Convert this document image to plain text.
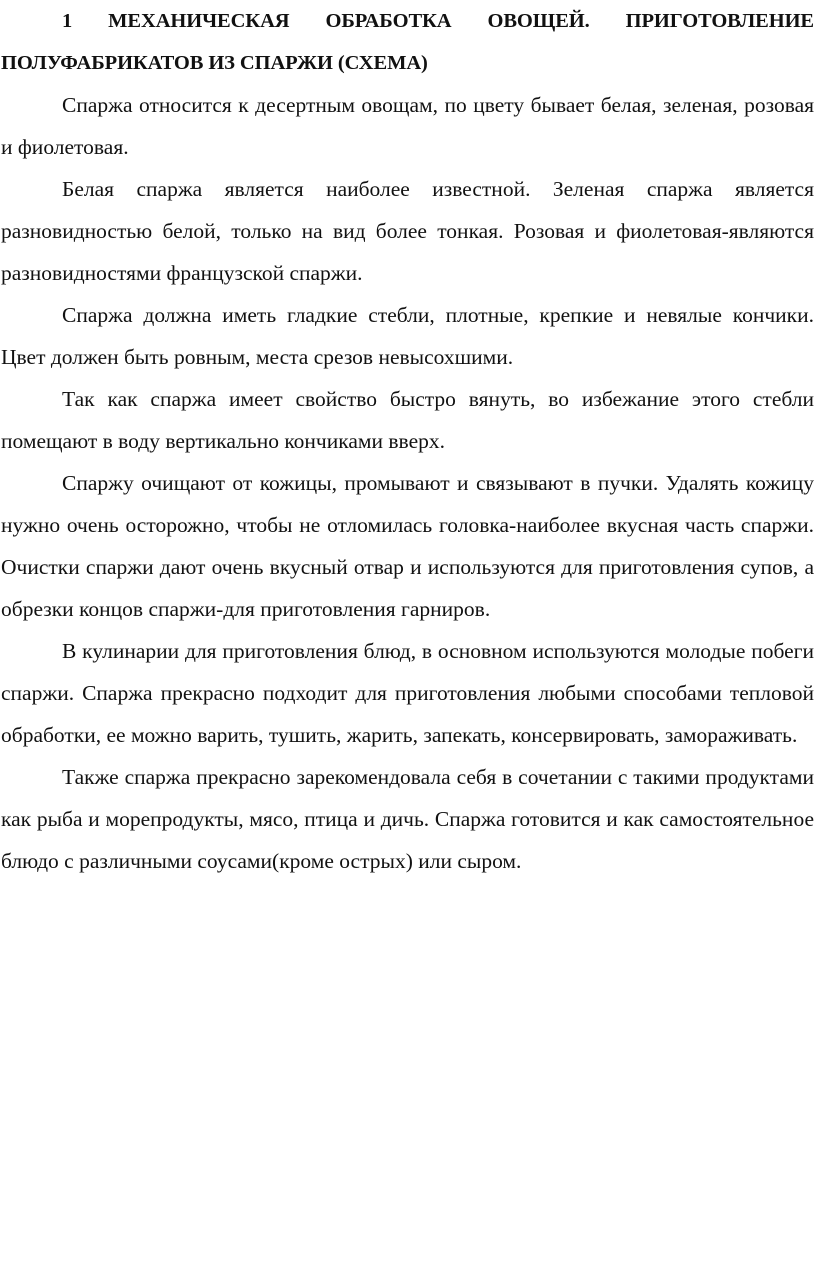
1 МЕХАНИЧЕСКАЯ ОБРАБОТКА ОВОЩЕЙ. ПРИГОТОВЛЕНИЕ ПОЛУФАБРИКАТОВ ИЗ СПАРЖИ (СХЕМА)

Спаржа относится к десертным овощам, по цвету бывает белая, зеленая, розовая и фиолетовая.

Белая спаржа является наиболее известной. Зеленая спаржа является разновидностью белой, только на вид более тонкая. Розовая и фиолетовая-являются разновидностями французской спаржи.

Спаржа должна иметь гладкие стебли, плотные, крепкие и невялые кончики. Цвет должен быть ровным, места срезов невысохшими.

Так как спаржа имеет свойство быстро вянуть, во избежание этого стебли помещают в воду вертикально кончиками вверх.

Спаржу очищают от кожицы, промывают и связывают в пучки. Удалять кожицу нужно очень осторожно, чтобы не отломилась головка-наиболее вкусная часть спаржи. Очистки спаржи дают очень вкусный отвар и используются для приготовления супов, а обрезки концов спаржи-для приготовления гарниров.

В кулинарии для приготовления блюд, в основном используются молодые побеги спаржи. Спаржа прекрасно подходит для приготовления любыми способами тепловой обработки, ее можно варить, тушить, жарить, запекать, консервировать, замораживать.

Также спаржа прекрасно зарекомендовала себя в сочетании с такими продуктами как рыба и морепродукты, мясо, птица и дичь. Спаржа готовится и как самостоятельное блюдо с различными соусами(кроме острых) или сыром.
